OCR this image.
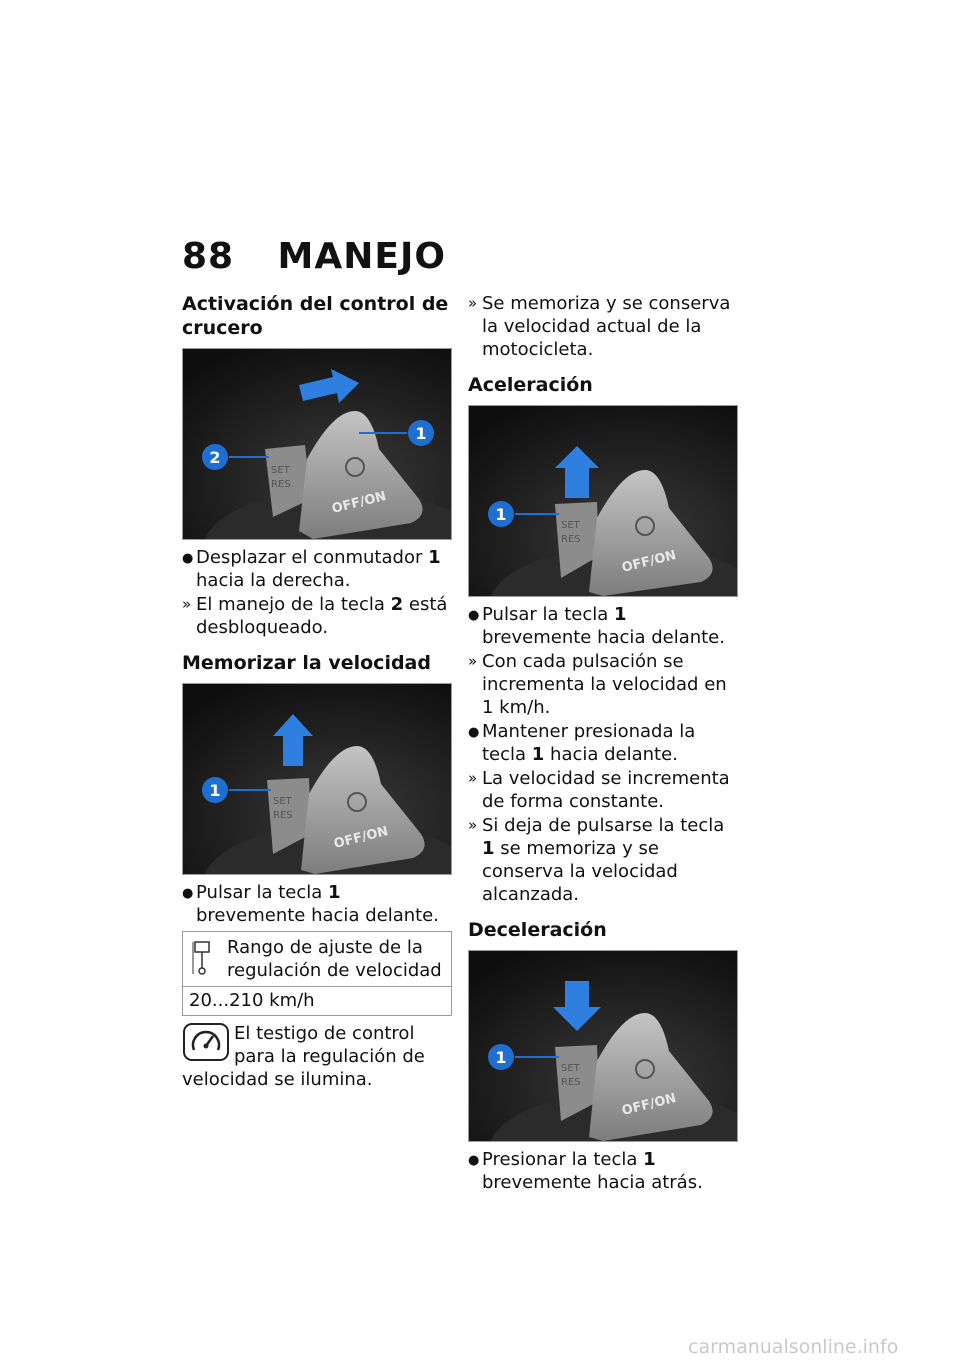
88 MANEJO
Activación del control de crucero
SET
RES
OFF/ON
2
1
● Desplazar el conmutador 1 hacia la derecha.
» El manejo de la tecla 2 está desbloqueado.
Memorizar la velocidad
SET
RES
OFF/ON
1
● Pulsar la tecla 1 brevemente hacia delante.
Rango de ajuste de la regulación de velocidad
20...210 km/h
El testigo de control para la regulación de velocidad se ilumina.
» Se memoriza y se conserva la velocidad actual de la motocicleta.
Aceleración
SET
RES
OFF/ON
1
● Pulsar la tecla 1 brevemente hacia delante.
» Con cada pulsación se incrementa la velocidad en 1 km/h.
● Mantener presionada la tecla 1 hacia delante.
» La velocidad se incrementa de forma constante.
» Si deja de pulsarse la tecla 1 se memoriza y se conserva la velocidad alcanzada.
Deceleración
SET
RES
OFF/ON
1
● Presionar la tecla 1 brevemente hacia atrás.
carmanualsonline.info
